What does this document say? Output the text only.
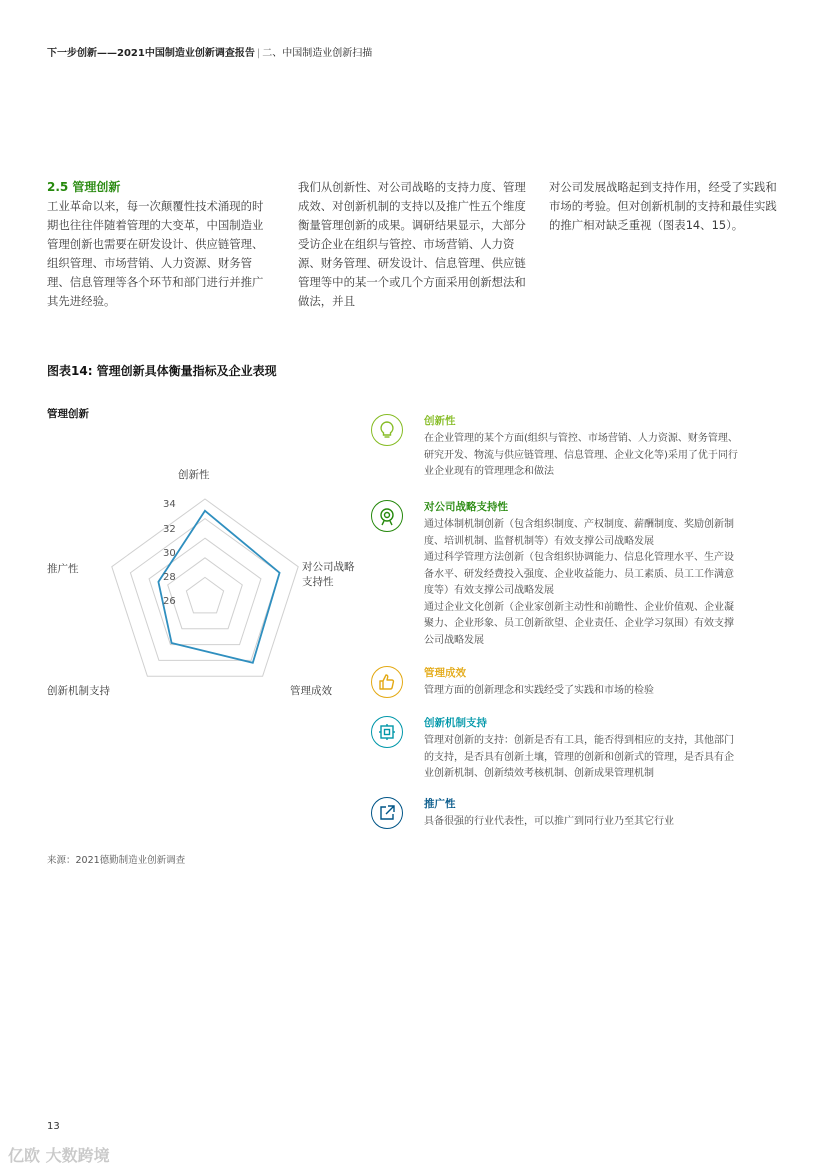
下一步创新——2021中国制造业创新调查报告 | 二、中国制造业创新扫描
2.5 管理创新
工业革命以来，每一次颠覆性技术涌现的时期也往往伴随着管理的大变革，中国制造业管理创新也需要在研发设计、供应链管理、组织管理、市场营销、人力资源、财务管理、信息管理等各个环节和部门进行并推广其先进经验。
我们从创新性、对公司战略的支持力度、管理成效、对创新机制的支持以及推广性五个维度衡量管理创新的成果。调研结果显示，大部分受访企业在组织与管控、市场营销、人力资源、财务管理、研发设计、信息管理、供应链管理等中的某一个或几个方面采用创新想法和做法，并且
对公司发展战略起到支持作用，经受了实践和市场的考验。但对创新机制的支持和最佳实践的推广相对缺乏重视（图表14、15）。
图表14: 管理创新具体衡量指标及企业表现
管理创新
创新性
对公司战略
支持性
管理成效
创新机制支持
推广性
26
28
30
32
34
创新性
在企业管理的某个方面(组织与管控、市场营销、人力资源、财务管理、
研究开发、物流与供应链管理、信息管理、企业文化等)采用了优于同行
业企业现有的管理理念和做法
对公司战略支持性
通过体制机制创新（包含组织制度、产权制度、薪酬制度、奖励创新制
度、培训机制、监督机制等）有效支撑公司战略发展
通过科学管理方法创新（包含组织协调能力、信息化管理水平、生产设
备水平、研发经费投入强度、企业收益能力、员工素质、员工工作满意
度等）有效支撑公司战略发展
通过企业文化创新（企业家创新主动性和前瞻性、企业价值观、企业凝
聚力、企业形象、员工创新欲望、企业责任、企业学习氛围）有效支撑
公司战略发展
管理成效
管理方面的创新理念和实践经受了实践和市场的检验
创新机制支持
管理对创新的支持：创新是否有工具，能否得到相应的支持，其他部门
的支持，是否具有创新土壤，管理的创新和创新式的管理，是否具有企
业创新机制、创新绩效考核机制、创新成果管理机制
推广性
具备很强的行业代表性，可以推广到同行业乃至其它行业
来源：2021德勤制造业创新调查
13
亿欧 大数跨境
